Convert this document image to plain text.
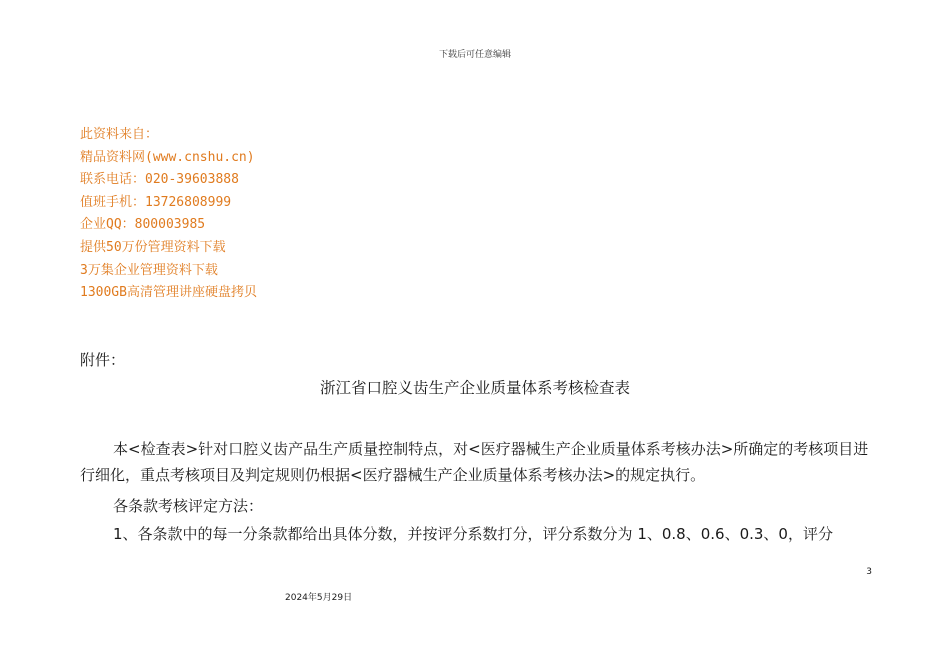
下载后可任意编辑
此资料来自：
精品资料网(www.cnshu.cn)
联系电话：020-39603888
值班手机：13726808999
企业QQ：800003985
提供50万份管理资料下载
3万集企业管理资料下载
1300GB高清管理讲座硬盘拷贝
附件：
浙江省口腔义齿生产企业质量体系考核检查表
本<检查表>针对口腔义齿产品生产质量控制特点，对<医疗器械生产企业质量体系考核办法>所确定的考核项目进行细化，重点考核项目及判定规则仍根据<医疗器械生产企业质量体系考核办法>的规定执行。
各条款考核评定方法：
1、各条款中的每一分条款都给出具体分数，并按评分系数打分，评分系数分为 1、0.8、0.6、0.3、0，评分
3
2024年5月29日
